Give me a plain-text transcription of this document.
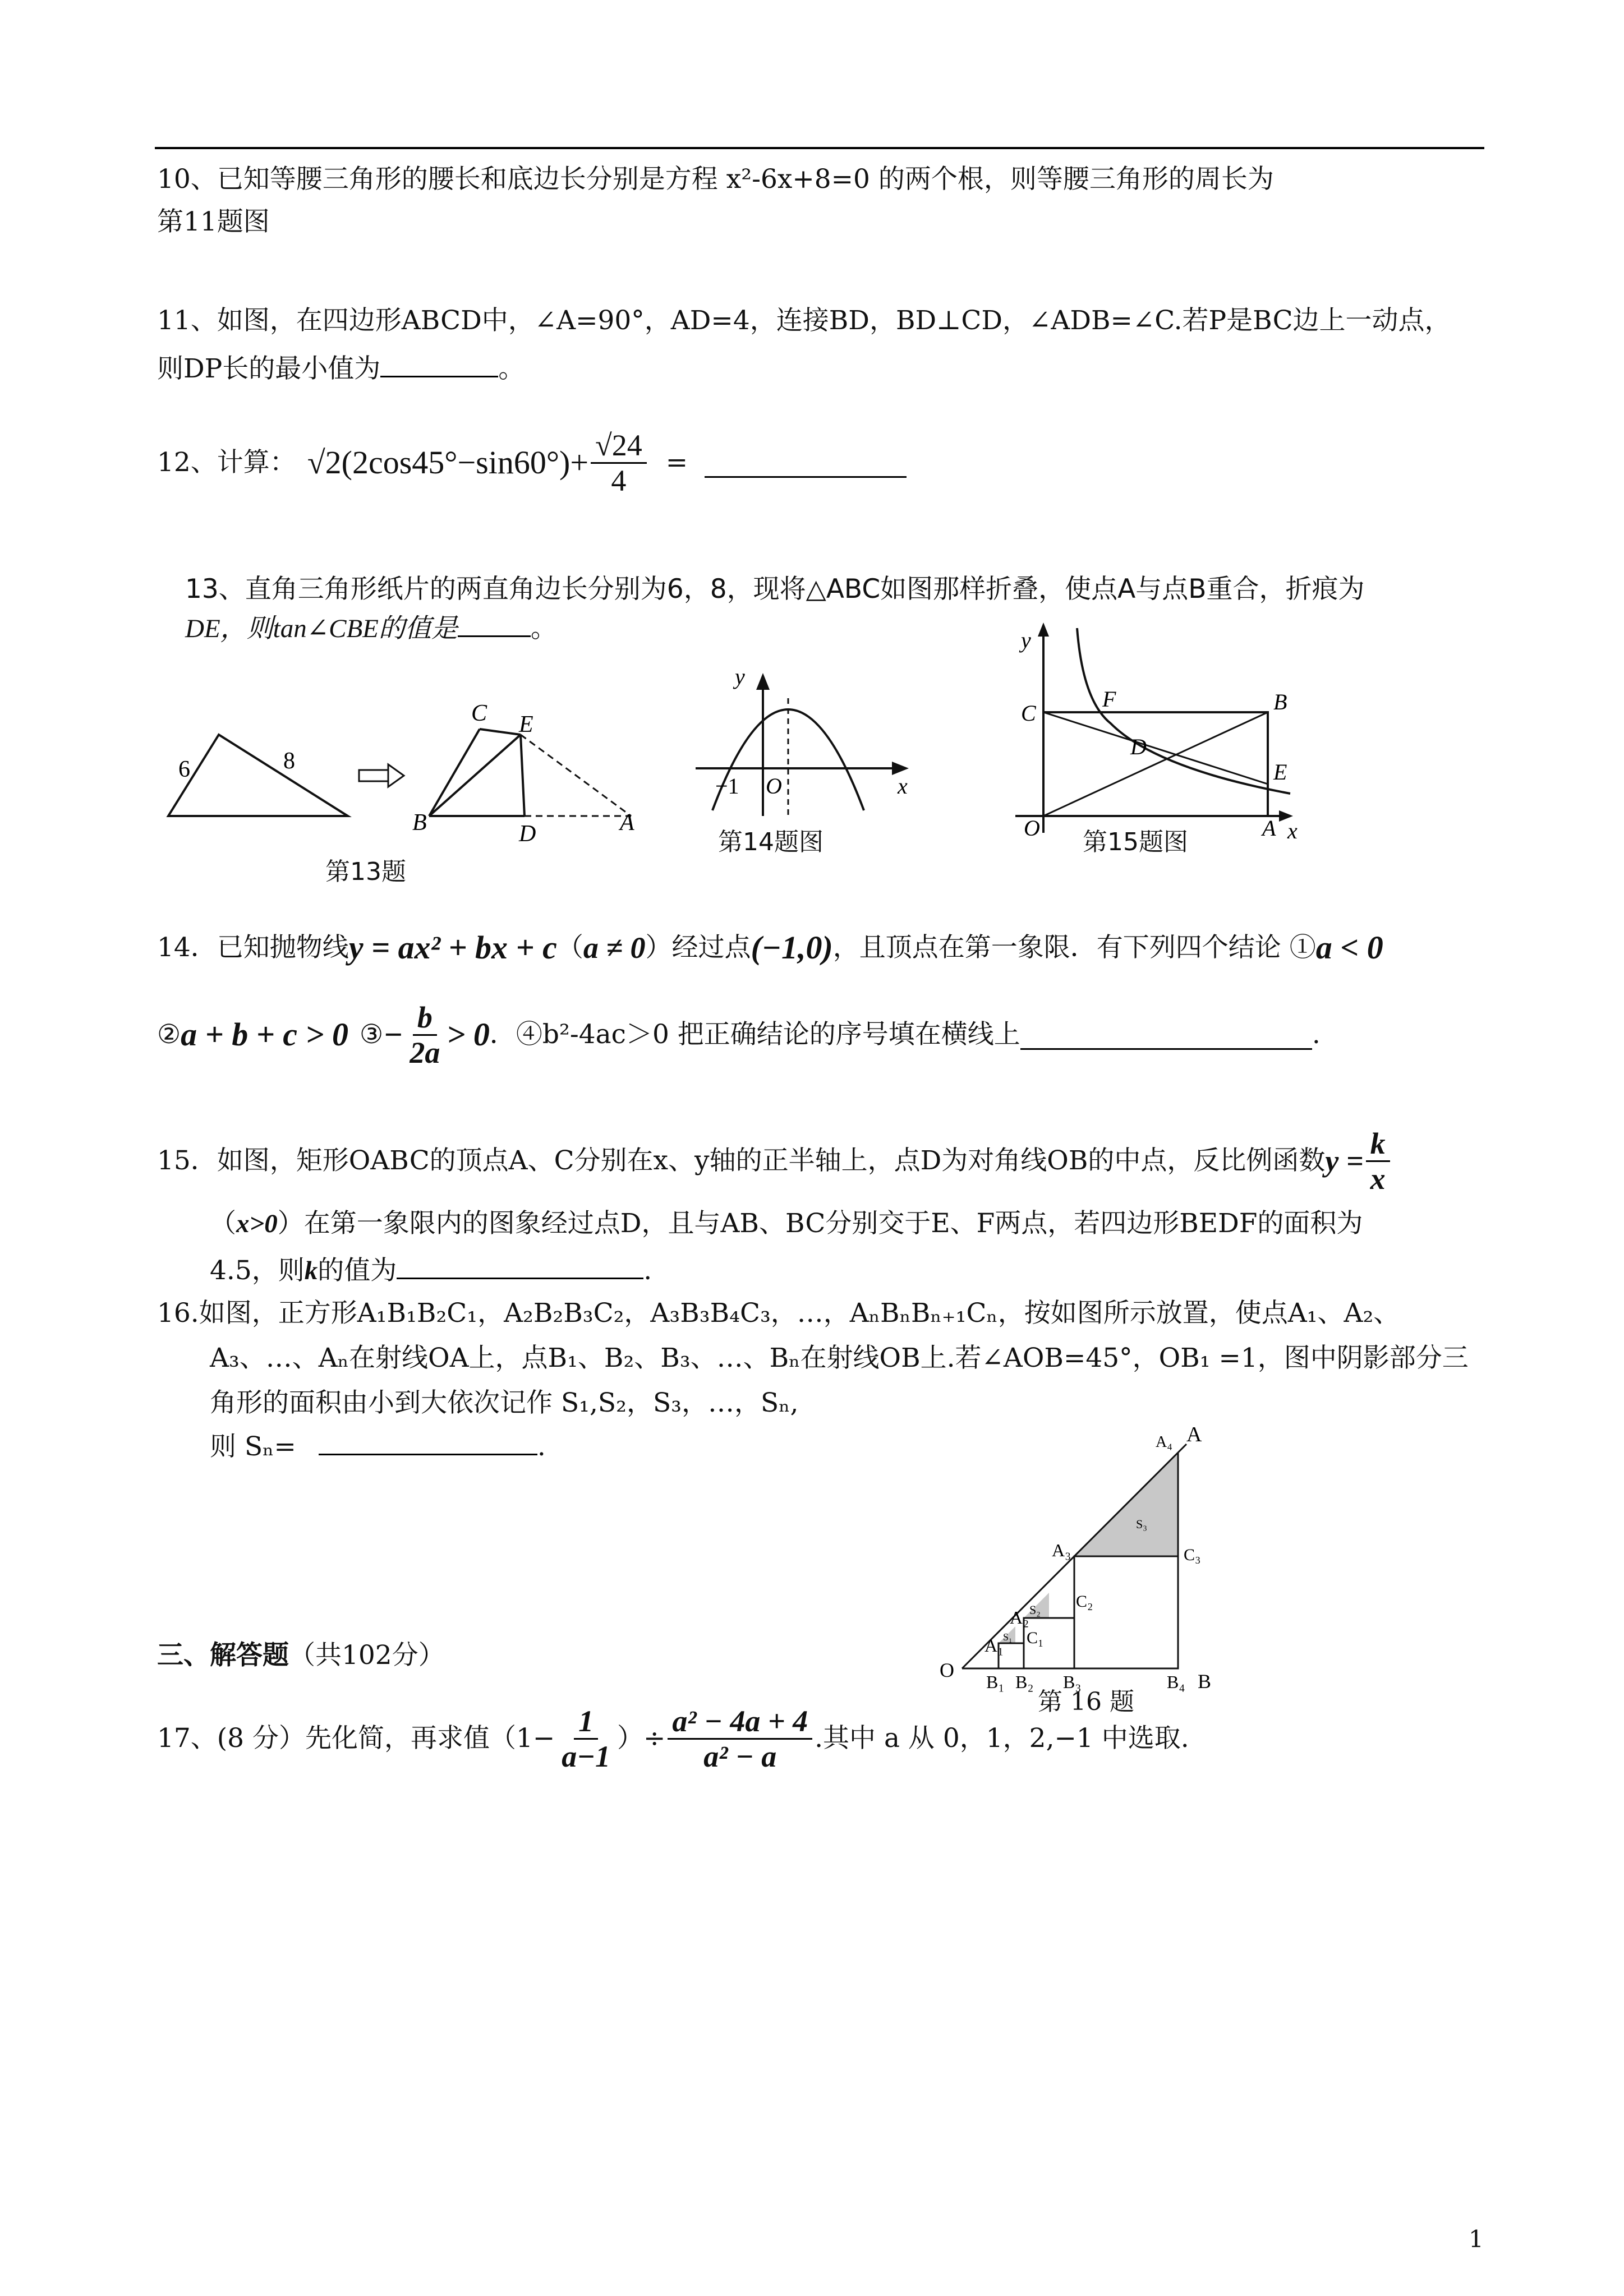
10、已知等腰三角形的腰长和底边长分别是方程 x²-6x+8=0 的两个根，则等腰三角形的周长为
第11题图
11、如图，在四边形ABCD中，∠A=90°，AD=4，连接BD，BD⊥CD，∠ADB=∠C.若P是BC边上一动点，
则DP长的最小值为	。
12、计算： $√2(2\cos 45^\circ-\sin 60^\circ)+ \frac{√24}{4}$ =
13、直角三角形纸片的两直角边长分别为6，8，现将△ABC如图那样折叠，使点A与点B重合，折痕为
DE，则tan∠CBE的值是	。
6	8
C E
B	D	A
第13题
y
x
−1 O
第14题图
C
F	B
D
E
O	A
y
x
第15题图
14．已知抛物线 y = ax² + bx + c （ a ≠ 0 ）经过点 (−1,0) ，且顶点在第一象限．有下列四个结论 ① a < 0
② a + b + c > 0 ③ − $\frac{b}{2a} > 0$ ．④b²-4ac＞0 把正确结论的序号填在横线上	.
15．如图，矩形OABC的顶点A、C分别在x、y轴的正半轴上，点D为对角线OB的中点，反比例函数 $y = \frac{k}{x}$
（x>0）在第一象限内的图象经过点D，且与AB、BC分别交于E、F两点，若四边形BEDF的面积为
4.5，则k的值为	.
16.如图，正方形A₁B₁B₂C₁，A₂B₂B₃C₂，A₃B₃B₄C₃，…，AₙBₙBₙ₊₁Cₙ，按如图所示放置，使点A₁、A₂、
A₃、…、Aₙ在射线OA上，点B₁、B₂、B₃、…、Bₙ在射线OB上.若∠AOB=45°，OB₁ =1，图中阴影部分三
角形的面积由小到大依次记作 S₁,S₂，S₃，…，Sₙ,
则 Sₙ=	.
O
A₁
A₂
A₃
A₄ A
B₁ B₂ B₃	B₄ B
C₁
C₂
C₃
S₁
S₂
S₃
第 16 题
三、解答题（共102分）
17、(8 分）先化简，再求值（$1- \frac{1}{a-1}$ ）÷ $\frac{\text{a² − 4a + 4}}{\text{a² − a}}$ .其中 a 从 0，1，2,−1 中选取.
1
